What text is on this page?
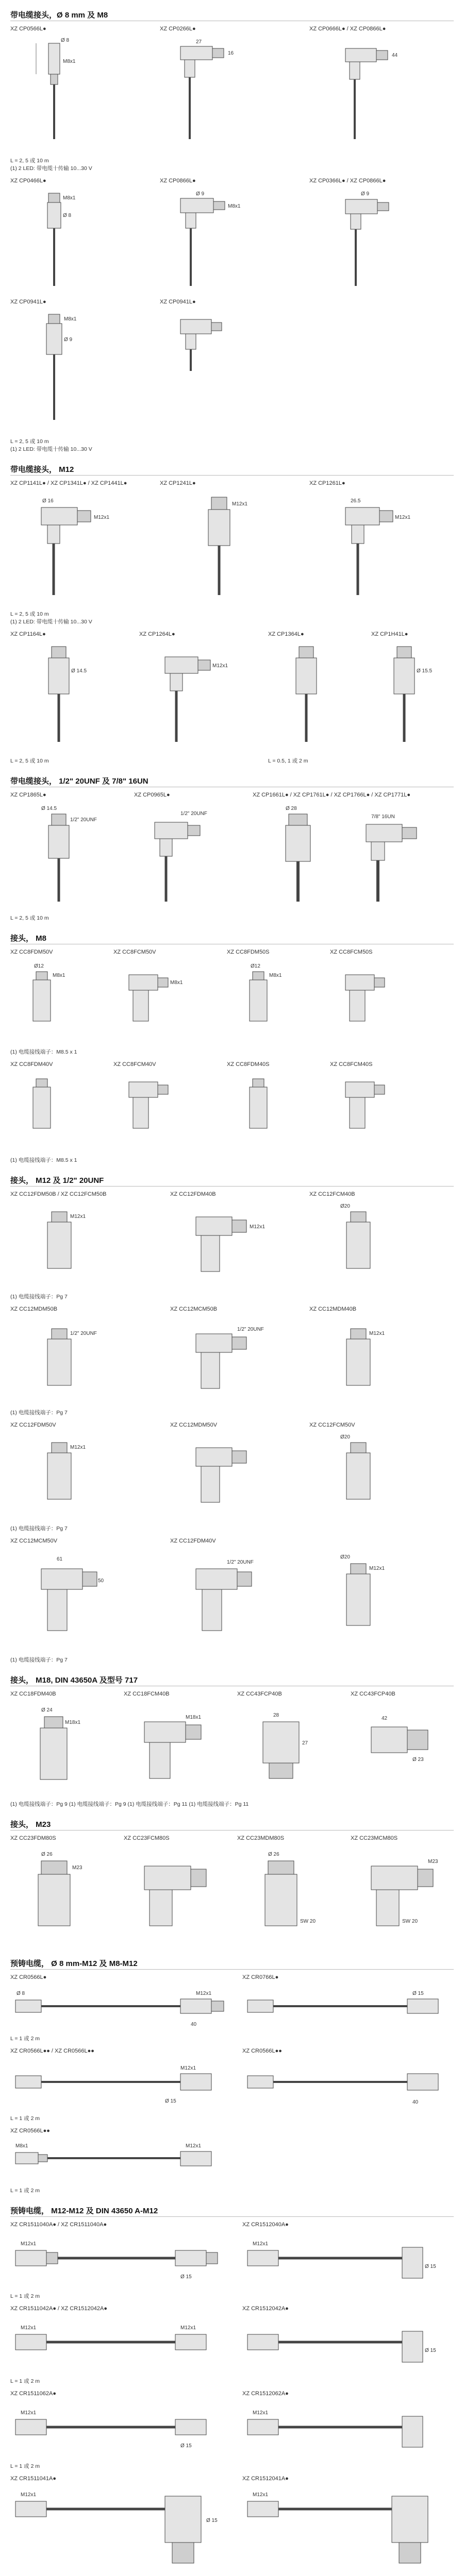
带电缆接头，Ø 8 mm 及 M8
XZ CP0566L●	XZ CP0266L●	XZ CP0666L● / XZ CP0866L●
Ø 8
M8x1
16
27
44
L = 2, 5 或 10 m
(1) 2 LED: 带电缆十传输 10...30 V
XZ CP0466L●	XZ CP0866L●	XZ CP0366L● / XZ CP0866L●
M8x1
Ø 8
M8x1
Ø 9	Ø 9
XZ CP0941L●	XZ CP0941L●
M8x1
Ø 9
L = 2, 5 或 10 m
(1) 2 LED: 带电缆十传输 10...30 V
带电缆接头， M12
XZ CP1141L● / XZ CP1341L● / XZ CP1441L●	XZ CP1241L●	XZ CP1261L●
Ø 16
M12x1
M12x1
M12x1
26.5
L = 2, 5 或 10 m
(1) 2 LED: 带电缆十传输 10...30 V
XZ CP1164L●	XZ CP1264L●	XZ CP1364L●	XZ CP1H41L●
Ø 14.5
M12x1
Ø 15.5
L = 2, 5 或 10 m	L = 0.5, 1 或 2 m
带电缆接头， 1/2" 20UNF 及 7/8" 16UN
XZ CP1865L●	XZ CP0965L●	XZ CP1661L● / XZ CP1761L● / XZ CP1766L● / XZ CP1771L●
Ø 14.5
1/2" 20UNF
1/2" 20UNF
Ø 28
7/8" 16UN
L = 2, 5 或 10 m
接头， M8
XZ CC8FDM50V	XZ CC8FCM50V	XZ CC8FDM50S	XZ CC8FCM50S
Ø12
M8x1
M8x1
Ø12
M8x1
(1) 电缆接线端子：M8.5 x 1
XZ CC8FDM40V	XZ CC8FCM40V	XZ CC8FDM40S	XZ CC8FCM40S
(1) 电缆接线端子：M8.5 x 1
接头， M12 及 1/2" 20UNF
XZ CC12FDM50B / XZ CC12FCM50B	XZ CC12FDM40B	XZ CC12FCM40B
M12x1
M12x1
Ø20
(1) 电缆接线端子：Pg 7
XZ CC12MDM50B	XZ CC12MCM50B	XZ CC12MDM40B
1/2" 20UNF
1/2" 20UNF
M12x1
(1) 电缆接线端子：Pg 7
XZ CC12FDM50V	XZ CC12MDM50V	XZ CC12FCM50V
M12x1
Ø20
(1) 电缆接线端子：Pg 7
XZ CC12MCM50V	XZ CC12FDM40V
61
50
1/2" 20UNF
M12x1
Ø20
(1) 电缆接线端子：Pg 7
接头， M18, DIN 43650A 及型号 717
XZ CC18FDM40B	XZ CC18FCM40B	XZ CC43FCP40B	XZ CC43FCP40B
Ø 24
M18x1
M18x1	28
27
42
Ø 23
(1) 电缆接线端子：Pg 9 (1) 电缆接线端子：Pg 9 (1) 电缆接线端子：Pg 11 (1) 电缆接线端子：Pg 11
接头， M23
XZ CC23FDM80S	XZ CC23FCM80S	XZ CC23MDM80S	XZ CC23MCM80S
Ø 26
M23
Ø 26
SW 20	SW 20
M23
预铸电缆， Ø 8 mm-M12 及 M8-M12
XZ CR0566L●	XZ CR0766L●
Ø 8	M12x1
40
Ø 15
L = 1 或 2 m
XZ CR0566L●● / XZ CR0566L●●	XZ CR0566L●●
M12x1
Ø 15	40
L = 1 或 2 m
XZ CR0566L●●
M8x1	M12x1
L = 1 或 2 m
预铸电缆， M12-M12 及 DIN 43650 A-M12
XZ CR1511040A● / XZ CR1511040A●	XZ CR1512040A●
M12x1
Ø 15
M12x1
Ø 15
L = 1 或 2 m
XZ CR1511042A● / XZ CR1512042A●	XZ CR1512042A●
M12x1	M12x1
Ø 15
L = 1 或 2 m
XZ CR1511062A●	XZ CR1512062A●
M12x1
Ø 15
M12x1
L = 1 或 2 m
XZ CR1511041A●	XZ CR1512041A●
M12x1
Ø 15
M12x1
